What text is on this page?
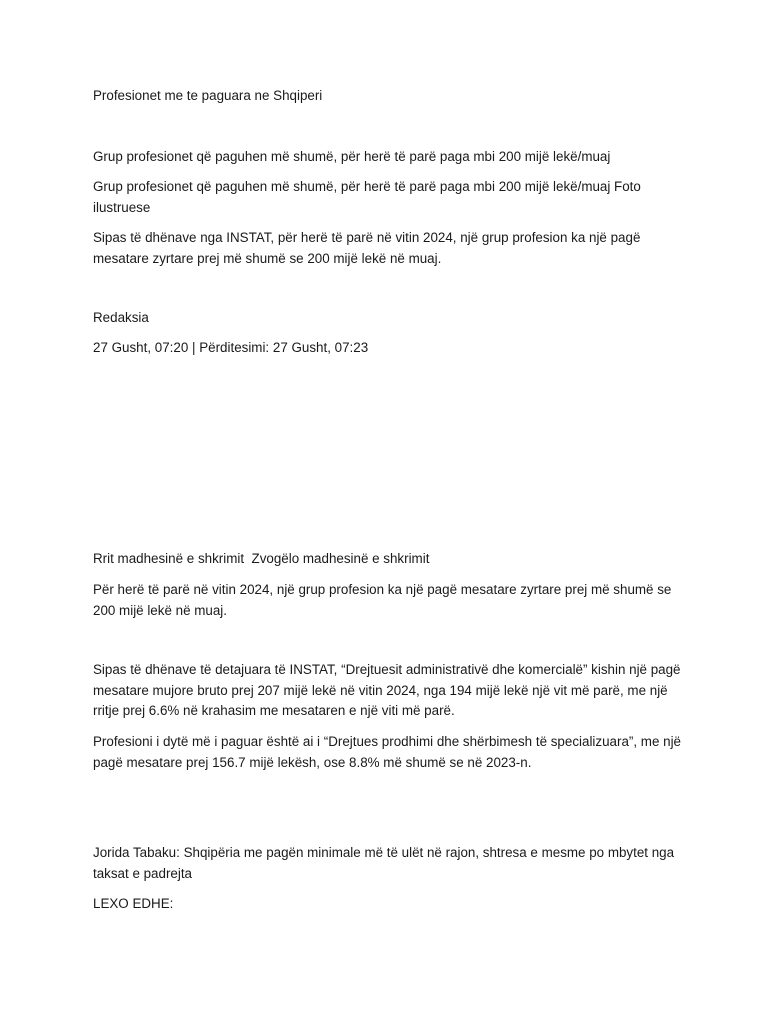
Profesionet me te paguara ne Shqiperi

Grup profesionet që paguhen më shumë, për herë të parë paga mbi 200 mijë lekë/muaj

Grup profesionet që paguhen më shumë, për herë të parë paga mbi 200 mijë lekë/muaj Foto ilustruese

Sipas të dhënave nga INSTAT, për herë të parë në vitin 2024, një grup profesion ka një pagë mesatare zyrtare prej më shumë se 200 mijë lekë në muaj.

Redaksia

27 Gusht, 07:20 | Përditesimi: 27 Gusht, 07:23

Rrit madhesinë e shkrimit Zvogëlo madhesinë e shkrimit

Për herë të parë në vitin 2024, një grup profesion ka një pagë mesatare zyrtare prej më shumë se 200 mijë lekë në muaj.

Sipas të dhënave të detajuara të INSTAT, “Drejtuesit administrativë dhe komercialë” kishin një pagë mesatare mujore bruto prej 207 mijë lekë në vitin 2024, nga 194 mijë lekë një vit më parë, me një rritje prej 6.6% në krahasim me mesataren e një viti më parë.

Profesioni i dytë më i paguar është ai i “Drejtues prodhimi dhe shërbimesh të specializuara”, me një pagë mesatare prej 156.7 mijë lekësh, ose 8.8% më shumë se në 2023-n.

Jorida Tabaku: Shqipëria me pagën minimale më të ulët në rajon, shtresa e mesme po mbytet nga taksat e padrejta

LEXO EDHE:
